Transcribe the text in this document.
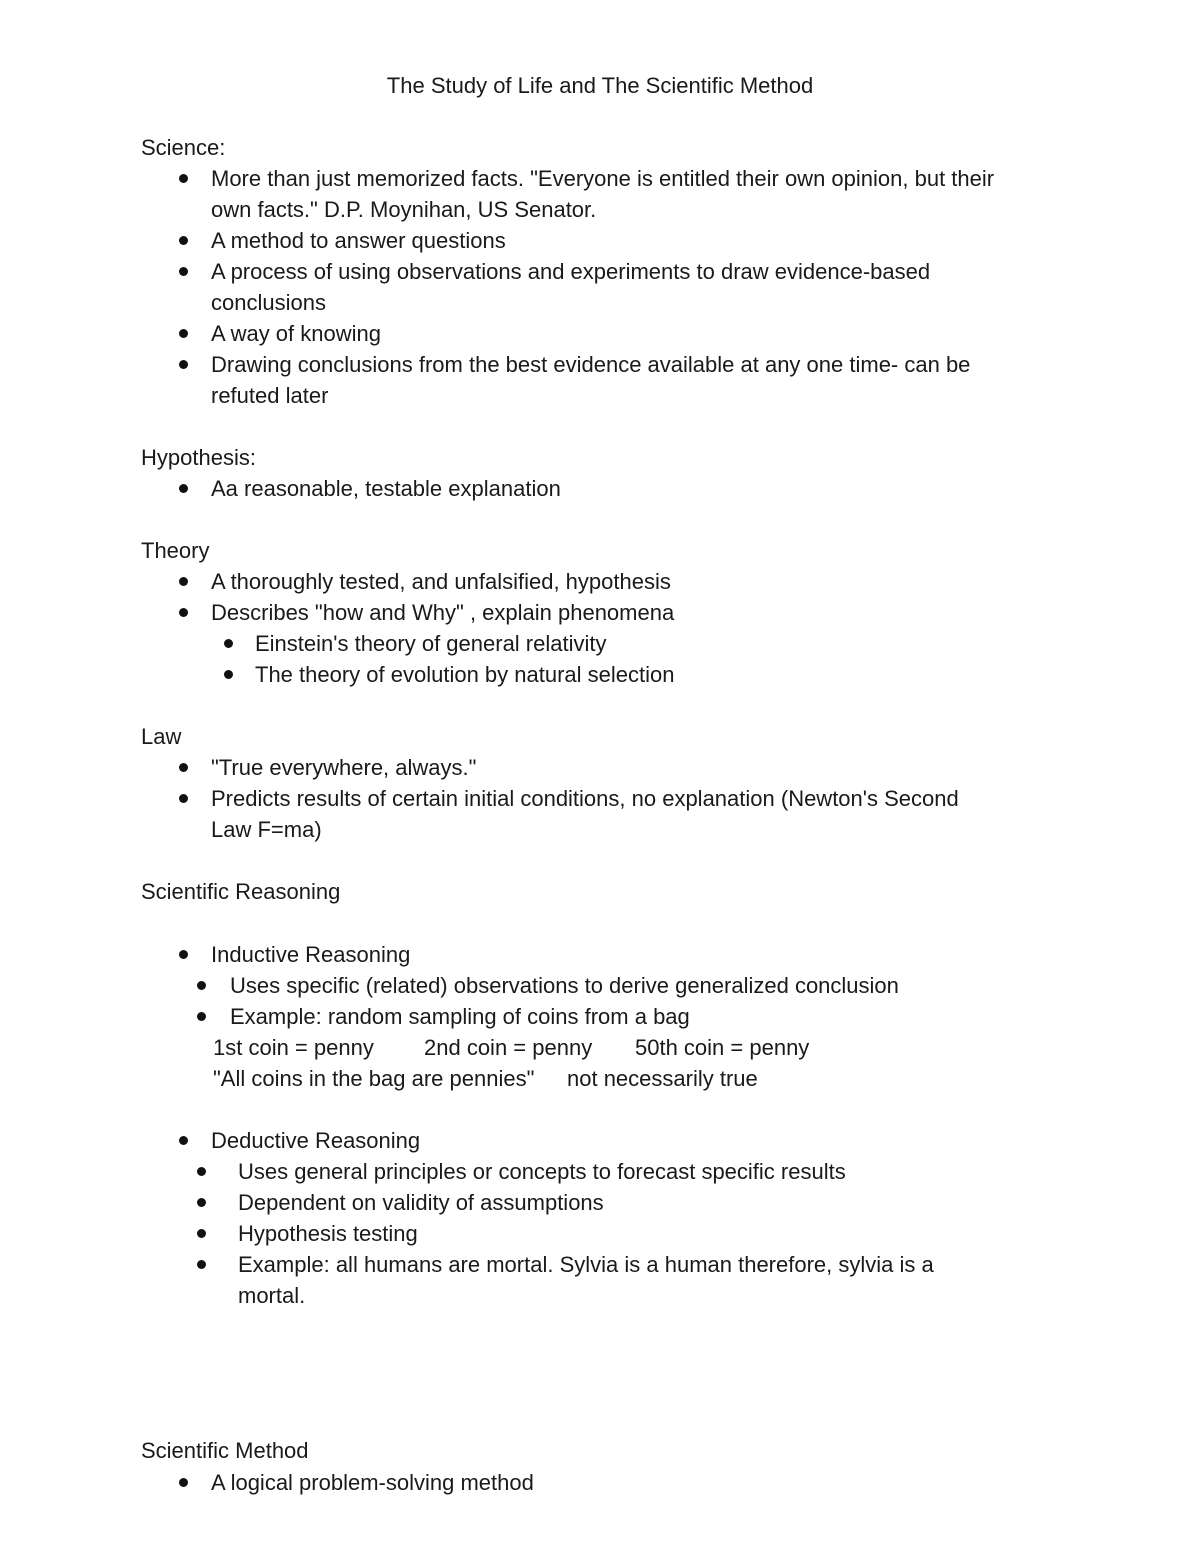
The Study of Life and The Scientific Method

Science:

More than just memorized facts. "Everyone is entitled their own opinion, but their

own facts." D.P. Moynihan, US Senator.

A method to answer questions

A process of using observations and experiments to draw evidence-based

conclusions

A way of knowing

Drawing conclusions from the best evidence available at any one time- can be

refuted later

Hypothesis:

Aa reasonable, testable explanation

Theory

A thoroughly tested, and unfalsified, hypothesis

Describes "how and Why" , explain phenomena

Einstein's theory of general relativity

The theory of evolution by natural selection

Law

"True everywhere, always."

Predicts results of certain initial conditions, no explanation (Newton's Second

Law F=ma)

Scientific Reasoning

Inductive Reasoning

Uses specific (related) observations to derive generalized conclusion

Example: random sampling of coins from a bag

1st coin = penny 2nd coin = penny 50th coin = penny

"All coins in the bag are pennies" not necessarily true

Deductive Reasoning

Uses general principles or concepts to forecast specific results

Dependent on validity of assumptions

Hypothesis testing

Example: all humans are mortal. Sylvia is a human therefore, sylvia is a

mortal.

Scientific Method

A logical problem-solving method
